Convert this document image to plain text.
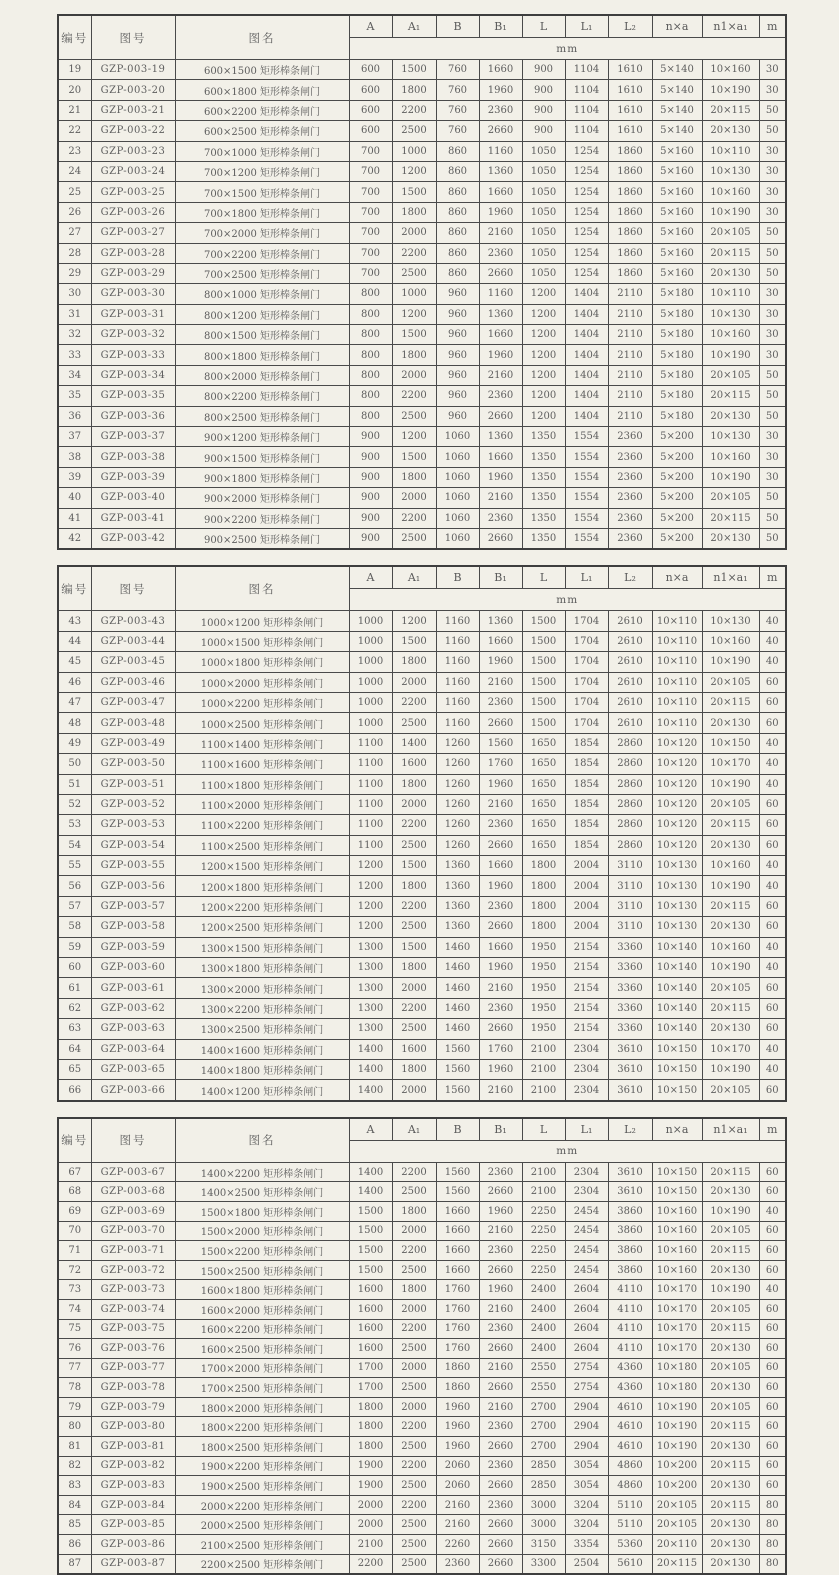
编号	图号	图名	A	A₁	B	B₁	L	L₁	L₂	n×a	n1×a₁	m
			mm									
19	GZP-003-19	600×1500 矩形棒条闸门	600	1500	760	1660	900	1104	1610	5×140	10×160	30
20	GZP-003-20	600×1800 矩形棒条闸门	600	1800	760	1960	900	1104	1610	5×140	10×190	30
21	GZP-003-21	600×2200 矩形棒条闸门	600	2200	760	2360	900	1104	1610	5×140	20×115	50
22	GZP-003-22	600×2500 矩形棒条闸门	600	2500	760	2660	900	1104	1610	5×140	20×130	50
23	GZP-003-23	700×1000 矩形棒条闸门	700	1000	860	1160	1050	1254	1860	5×160	10×110	30
24	GZP-003-24	700×1200 矩形棒条闸门	700	1200	860	1360	1050	1254	1860	5×160	10×130	30
25	GZP-003-25	700×1500 矩形棒条闸门	700	1500	860	1660	1050	1254	1860	5×160	10×160	30
26	GZP-003-26	700×1800 矩形棒条闸门	700	1800	860	1960	1050	1254	1860	5×160	10×190	30
27	GZP-003-27	700×2000 矩形棒条闸门	700	2000	860	2160	1050	1254	1860	5×160	20×105	50
28	GZP-003-28	700×2200 矩形棒条闸门	700	2200	860	2360	1050	1254	1860	5×160	20×115	50
29	GZP-003-29	700×2500 矩形棒条闸门	700	2500	860	2660	1050	1254	1860	5×160	20×130	50
30	GZP-003-30	800×1000 矩形棒条闸门	800	1000	960	1160	1200	1404	2110	5×180	10×110	30
31	GZP-003-31	800×1200 矩形棒条闸门	800	1200	960	1360	1200	1404	2110	5×180	10×130	30
32	GZP-003-32	800×1500 矩形棒条闸门	800	1500	960	1660	1200	1404	2110	5×180	10×160	30
33	GZP-003-33	800×1800 矩形棒条闸门	800	1800	960	1960	1200	1404	2110	5×180	10×190	30
34	GZP-003-34	800×2000 矩形棒条闸门	800	2000	960	2160	1200	1404	2110	5×180	20×105	50
35	GZP-003-35	800×2200 矩形棒条闸门	800	2200	960	2360	1200	1404	2110	5×180	20×115	50
36	GZP-003-36	800×2500 矩形棒条闸门	800	2500	960	2660	1200	1404	2110	5×180	20×130	50
37	GZP-003-37	900×1200 矩形棒条闸门	900	1200	1060	1360	1350	1554	2360	5×200	10×130	30
38	GZP-003-38	900×1500 矩形棒条闸门	900	1500	1060	1660	1350	1554	2360	5×200	10×160	30
39	GZP-003-39	900×1800 矩形棒条闸门	900	1800	1060	1960	1350	1554	2360	5×200	10×190	30
40	GZP-003-40	900×2000 矩形棒条闸门	900	2000	1060	2160	1350	1554	2360	5×200	20×105	50
41	GZP-003-41	900×2200 矩形棒条闸门	900	2200	1060	2360	1350	1554	2360	5×200	20×115	50
42	GZP-003-42	900×2500 矩形棒条闸门	900	2500	1060	2660	1350	1554	2360	5×200	20×130	50
编号	图号	图名	A	A₁	B	B₁	L	L₁	L₂	n×a	n1×a₁	m
			mm									
43	GZP-003-43	1000×1200 矩形棒条闸门	1000	1200	1160	1360	1500	1704	2610	10×110	10×130	40
44	GZP-003-44	1000×1500 矩形棒条闸门	1000	1500	1160	1660	1500	1704	2610	10×110	10×160	40
45	GZP-003-45	1000×1800 矩形棒条闸门	1000	1800	1160	1960	1500	1704	2610	10×110	10×190	40
46	GZP-003-46	1000×2000 矩形棒条闸门	1000	2000	1160	2160	1500	1704	2610	10×110	20×105	60
47	GZP-003-47	1000×2200 矩形棒条闸门	1000	2200	1160	2360	1500	1704	2610	10×110	20×115	60
48	GZP-003-48	1000×2500 矩形棒条闸门	1000	2500	1160	2660	1500	1704	2610	10×110	20×130	60
49	GZP-003-49	1100×1400 矩形棒条闸门	1100	1400	1260	1560	1650	1854	2860	10×120	10×150	40
50	GZP-003-50	1100×1600 矩形棒条闸门	1100	1600	1260	1760	1650	1854	2860	10×120	10×170	40
51	GZP-003-51	1100×1800 矩形棒条闸门	1100	1800	1260	1960	1650	1854	2860	10×120	10×190	40
52	GZP-003-52	1100×2000 矩形棒条闸门	1100	2000	1260	2160	1650	1854	2860	10×120	20×105	60
53	GZP-003-53	1100×2200 矩形棒条闸门	1100	2200	1260	2360	1650	1854	2860	10×120	20×115	60
54	GZP-003-54	1100×2500 矩形棒条闸门	1100	2500	1260	2660	1650	1854	2860	10×120	20×130	60
55	GZP-003-55	1200×1500 矩形棒条闸门	1200	1500	1360	1660	1800	2004	3110	10×130	10×160	40
56	GZP-003-56	1200×1800 矩形棒条闸门	1200	1800	1360	1960	1800	2004	3110	10×130	10×190	40
57	GZP-003-57	1200×2200 矩形棒条闸门	1200	2200	1360	2360	1800	2004	3110	10×130	20×115	60
58	GZP-003-58	1200×2500 矩形棒条闸门	1200	2500	1360	2660	1800	2004	3110	10×130	20×130	60
59	GZP-003-59	1300×1500 矩形棒条闸门	1300	1500	1460	1660	1950	2154	3360	10×140	10×160	40
60	GZP-003-60	1300×1800 矩形棒条闸门	1300	1800	1460	1960	1950	2154	3360	10×140	10×190	40
61	GZP-003-61	1300×2000 矩形棒条闸门	1300	2000	1460	2160	1950	2154	3360	10×140	20×105	60
62	GZP-003-62	1300×2200 矩形棒条闸门	1300	2200	1460	2360	1950	2154	3360	10×140	20×115	60
63	GZP-003-63	1300×2500 矩形棒条闸门	1300	2500	1460	2660	1950	2154	3360	10×140	20×130	60
64	GZP-003-64	1400×1600 矩形棒条闸门	1400	1600	1560	1760	2100	2304	3610	10×150	10×170	40
65	GZP-003-65	1400×1800 矩形棒条闸门	1400	1800	1560	1960	2100	2304	3610	10×150	10×190	40
66	GZP-003-66	1400×1200 矩形棒条闸门	1400	2000	1560	2160	2100	2304	3610	10×150	20×105	60
编号	图号	图名	A	A₁	B	B₁	L	L₁	L₂	n×a	n1×a₁	m
			mm									
67	GZP-003-67	1400×2200 矩形棒条闸门	1400	2200	1560	2360	2100	2304	3610	10×150	20×115	60
68	GZP-003-68	1400×2500 矩形棒条闸门	1400	2500	1560	2660	2100	2304	3610	10×150	20×130	60
69	GZP-003-69	1500×1800 矩形棒条闸门	1500	1800	1660	1960	2250	2454	3860	10×160	10×190	40
70	GZP-003-70	1500×2000 矩形棒条闸门	1500	2000	1660	2160	2250	2454	3860	10×160	20×105	60
71	GZP-003-71	1500×2200 矩形棒条闸门	1500	2200	1660	2360	2250	2454	3860	10×160	20×115	60
72	GZP-003-72	1500×2500 矩形棒条闸门	1500	2500	1660	2660	2250	2454	3860	10×160	20×130	60
73	GZP-003-73	1600×1800 矩形棒条闸门	1600	1800	1760	1960	2400	2604	4110	10×170	10×190	40
74	GZP-003-74	1600×2000 矩形棒条闸门	1600	2000	1760	2160	2400	2604	4110	10×170	20×105	60
75	GZP-003-75	1600×2200 矩形棒条闸门	1600	2200	1760	2360	2400	2604	4110	10×170	20×115	60
76	GZP-003-76	1600×2500 矩形棒条闸门	1600	2500	1760	2660	2400	2604	4110	10×170	20×130	60
77	GZP-003-77	1700×2000 矩形棒条闸门	1700	2000	1860	2160	2550	2754	4360	10×180	20×105	60
78	GZP-003-78	1700×2500 矩形棒条闸门	1700	2500	1860	2660	2550	2754	4360	10×180	20×130	60
79	GZP-003-79	1800×2000 矩形棒条闸门	1800	2000	1960	2160	2700	2904	4610	10×190	20×105	60
80	GZP-003-80	1800×2200 矩形棒条闸门	1800	2200	1960	2360	2700	2904	4610	10×190	20×115	60
81	GZP-003-81	1800×2500 矩形棒条闸门	1800	2500	1960	2660	2700	2904	4610	10×190	20×130	60
82	GZP-003-82	1900×2200 矩形棒条闸门	1900	2200	2060	2360	2850	3054	4860	10×200	20×115	60
83	GZP-003-83	1900×2500 矩形棒条闸门	1900	2500	2060	2660	2850	3054	4860	10×200	20×130	60
84	GZP-003-84	2000×2200 矩形棒条闸门	2000	2200	2160	2360	3000	3204	5110	20×105	20×115	80
85	GZP-003-85	2000×2500 矩形棒条闸门	2000	2500	2160	2660	3000	3204	5110	20×105	20×130	80
86	GZP-003-86	2100×2500 矩形棒条闸门	2100	2500	2260	2660	3150	3354	5360	20×110	20×130	80
87	GZP-003-87	2200×2500 矩形棒条闸门	2200	2500	2360	2660	3300	2504	5610	20×115	20×130	80
